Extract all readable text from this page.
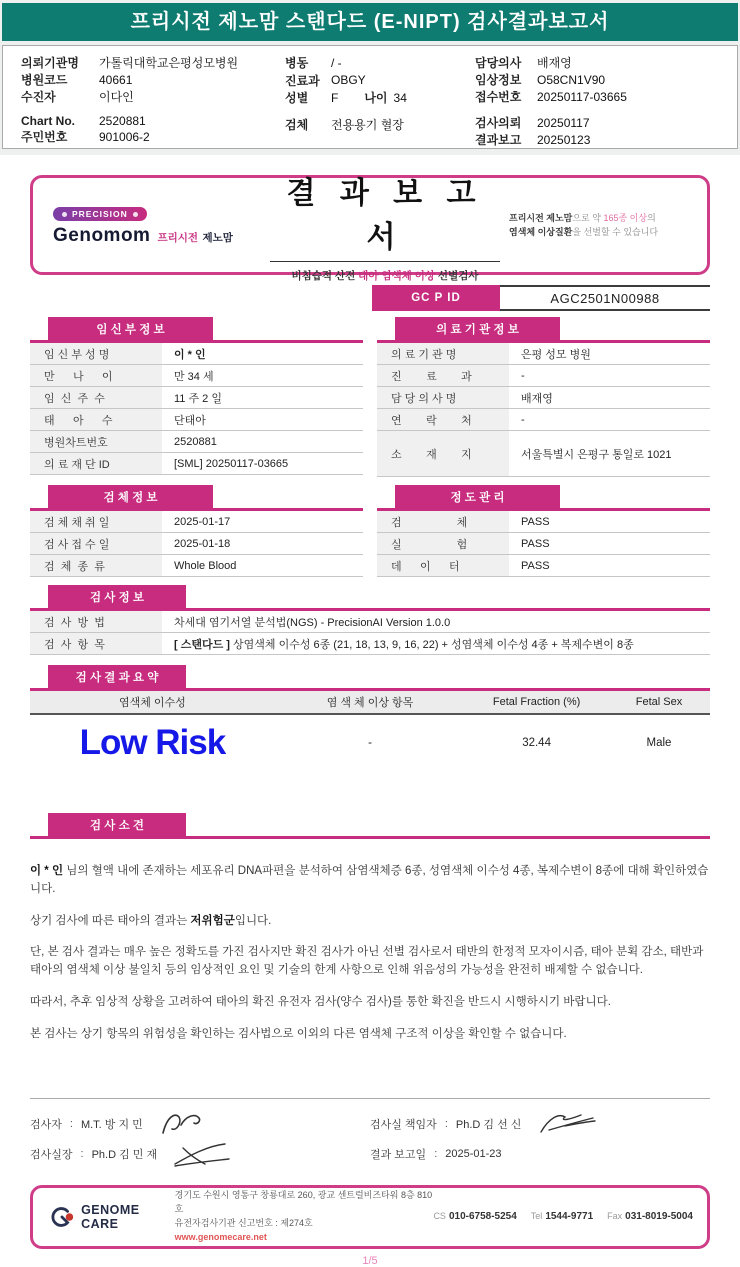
프리시전 제노맘 스탠다드 (E-NIPT) 검사결과보고서
의뢰기관명	가톨릭대학교은평성모병원
병원코드	40661
수진자	이다인
Chart No.	2520881
주민번호	901006-2
병동	/ -
진료과 OBGY
성별	F 나이 34
검체	전용용기 혈장
담당의사	배재영
임상정보	O58CN1V90
접수번호	20250117-03665
검사의뢰	20250117
결과보고	20250123
PRECISION
Genomom 프리시전 제노맘
결 과 보 고 서
비침습적 산전 태아 염색체 이상 선별검사
프리시전 제노맘으로 약 165종 이상의
염색체 이상질환을 선별할 수 있습니다
GC P ID	AGC2501N00988
임 신 부 정 보
임 신 부 성 명	이 * 인
만      나      이	만 34 세
임  신  주  수	11 주 2 일
태      아      수	단태아
병원차트번호	2520881
의 료 재 단 ID	[SML] 20250117-03665
의 료 기 관 정 보
의 료 기 관 명	은평 성모 병원
진        료        과	-
담 당 의 사 명	배재영
연        락        처	-
소        재        지	서울특별시 은평구 통일로 1021
검 체 정 보
검 체 채 취 일	2025-01-17
검 사 접 수 일	2025-01-18
검  체  종  류	Whole Blood
정 도 관 리
검                  체	PASS
실                  험	PASS
데      이      터	PASS
검 사 정 보
검  사  방  법	차세대 염기서열 분석법(NGS) - PrecisionAI Version 1.0.0
검  사  항  목	[ 스탠다드 ] 상염색체 이수성 6종 (21, 18, 13, 9, 16, 22) + 성염색체 이수성 4종 + 복제수변이 8종
검 사 결 과 요 약
염색체 이수성	염 색 체 이상 항목	Fetal Fraction (%)	Fetal Sex
Low Risk	-	32.44	Male
검 사 소 견

이 * 인 님의 혈액 내에 존재하는 세포유리 DNA파편을 분석하여 삼염색체증 6종, 성염색체 이수성 4종, 복제수변이 8종에 대해 확인하였습니다.

상기 검사에 따른 태아의 결과는 저위험군입니다.

단, 본 검사 결과는 매우 높은 정확도를 가진 검사지만 확진 검사가 아닌 선별 검사로서 태반의 한정적 모자이시즘, 태아 분획 감소, 태반과 태아의 염색체 이상 불일치 등의 임상적인 요인 및 기술의 한계 사항으로 인해 위음성의 가능성을 완전히 배제할 수 없습니다.

따라서, 추후 임상적 상황을 고려하여 태아의 확진 유전자 검사(양수 검사)를 통한 확진을 반드시 시행하시기 바랍니다.

본 검사는 상기 항목의 위험성을 확인하는 검사법으로 이외의 다른 염색체 구조적 이상을 확인할 수 없습니다.

검사자 : M.T. 방 지 민
검사실장 : Ph.D 김 민 재
검사실 책임자 : Ph.D 김 선 신
결과 보고일 : 2025-01-23
GENOME CARE
경기도 수원시 영통구 창룡대로 260, 광교 센트럴비즈타워 8층 810호
유전자검사기관 신고번호 : 제274호
www.genomecare.net
CS 010-6758-5254 Tel 1544-9771 Fax 031-8019-5004
1/5
